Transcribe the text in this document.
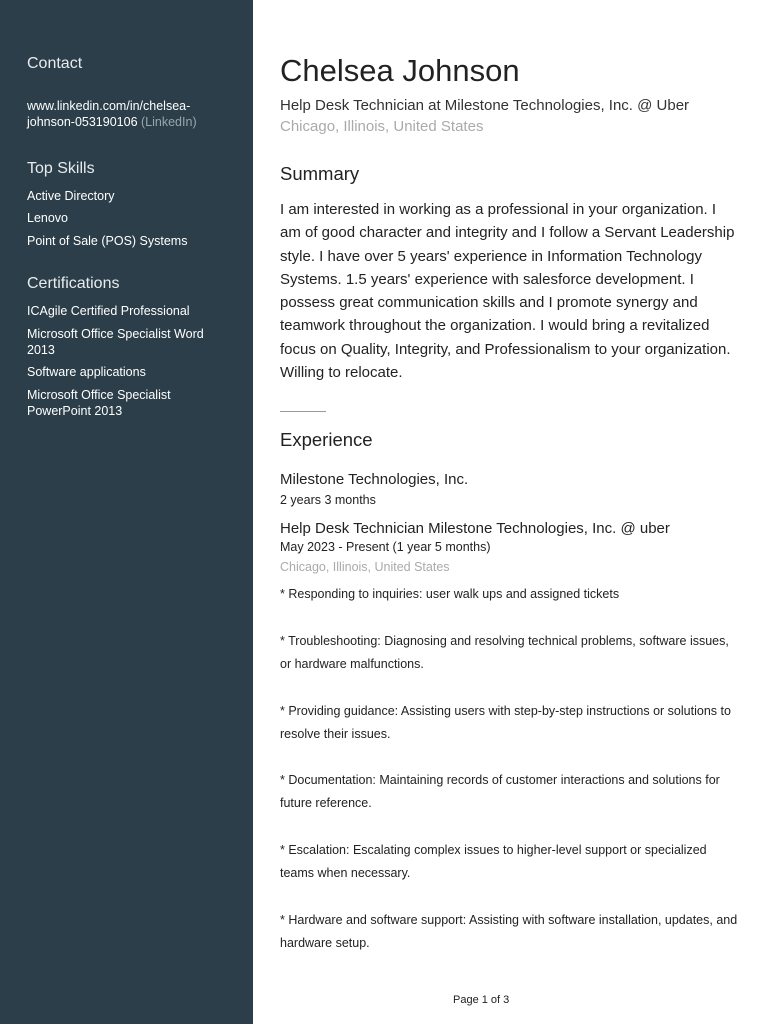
Contact
www.linkedin.com/in/chelsea-johnson-053190106 (LinkedIn)
Top Skills
Active Directory
Lenovo
Point of Sale (POS) Systems
Certifications
ICAgile Certified Professional
Microsoft Office Specialist Word 2013
Software applications
Microsoft Office Specialist PowerPoint 2013
Chelsea Johnson
Help Desk Technician at Milestone Technologies, Inc. @ Uber
Chicago, Illinois, United States
Summary
I am interested in working as a professional in your organization. I am of good character and integrity and I follow a Servant Leadership style. I have over 5 years' experience in Information Technology Systems. 1.5 years' experience with salesforce development. I possess great communication skills and I promote synergy and teamwork throughout the organization. I would bring a revitalized focus on Quality, Integrity, and Professionalism to your organization. Willing to relocate.
Experience
Milestone Technologies, Inc.
2 years 3 months
Help Desk Technician Milestone Technologies, Inc. @ uber
May 2023 - Present (1 year 5 months)
Chicago, Illinois, United States
* Responding to inquiries: user walk ups and assigned tickets
* Troubleshooting: Diagnosing and resolving technical problems, software issues, or hardware malfunctions.
* Providing guidance: Assisting users with step-by-step instructions or solutions to resolve their issues.
* Documentation: Maintaining records of customer interactions and solutions for future reference.
* Escalation: Escalating complex issues to higher-level support or specialized teams when necessary.
* Hardware and software support: Assisting with software installation, updates, and hardware setup.
Page 1 of 3
